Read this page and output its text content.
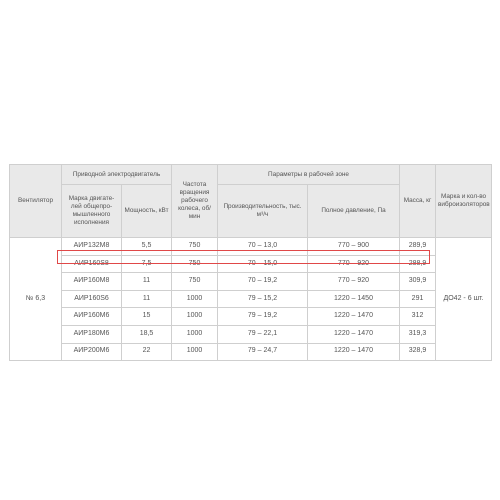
Вентилятор	Приводной электродвигатель		Частота вращения рабочего колеса, об/мин	Параметры в рабочей зоне		Масса, кг	Марка и кол-во виброизоляторов
	Марка двигате-лей общепро-мышленного исполнения	Мощность, кВт		Производительность, тыс. м³/ч	Полное давление, Па		
№ 6,3	АИР132М8	5,5	750	70 – 13,0	770 – 900	289,9	ДО42 - 6 шт.
	АИР160S8	7,5	750	70 – 15,0	770 – 920	288,9	
	АИР160М8	11	750	70 – 19,2	770 – 920	309,9	
	АИР160S6	11	1000	79 – 15,2	1220 – 1450	291	
	АИР160М6	15	1000	79 – 19,2	1220 – 1470	312	
	АИР180М6	18,5	1000	79 – 22,1	1220 – 1470	319,3	
	АИР200М6	22	1000	79 – 24,7	1220 – 1470	328,9	
